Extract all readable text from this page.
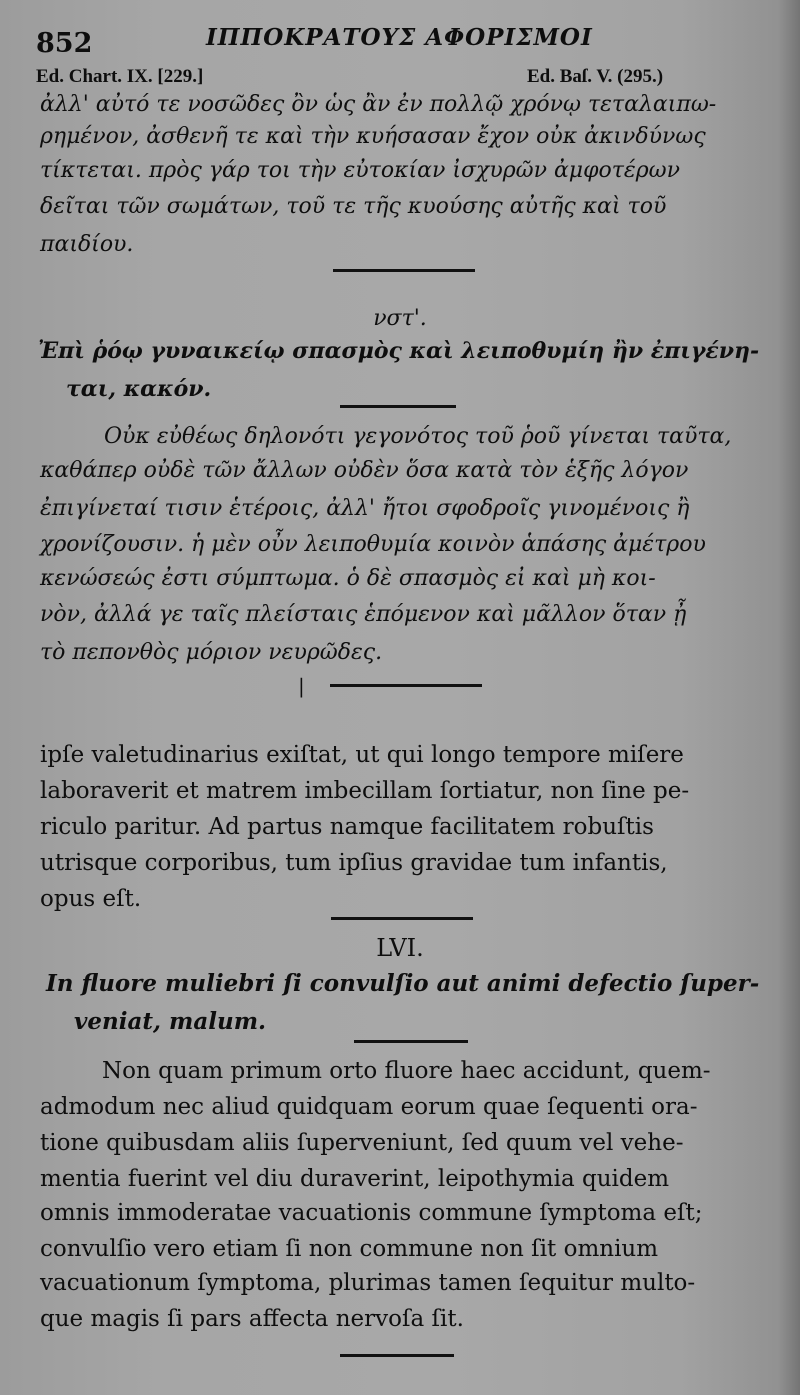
852	ΙΠΠΟΚΡΑΤΟΥΣ ΑΦΟΡΙΣΜΟΙ
Ed. Chart. IX. [229.]	Ed. Baſ. V. (295.)
ἀλλ' αὐτό τε νοσῶδες ὂν ὡς ἂν ἐν πολλῷ χρόνῳ τεταλαιπω-
ρημένον, ἀσθενῆ τε καὶ τὴν κυήσασαν ἔχον οὐκ ἀκινδύνως
τίκτεται. πρὸς γάρ τοι τὴν εὐτοκίαν ἰσχυρῶν ἀμφοτέρων
δεῖται τῶν σωμάτων, τοῦ τε τῆς κυούσης αὐτῆς καὶ τοῦ
παιδίου.
νστ'.
Ἐπὶ ῥόῳ γυναικείῳ σπασμὸς καὶ λειποθυμίη ἢν ἐπιγένη-
ται, κακόν.
Οὐκ εὐθέως δηλονότι γεγονότος τοῦ ῥοῦ γίνεται ταῦτα,
καθάπερ οὐδὲ τῶν ἄλλων οὐδὲν ὅσα κατὰ τὸν ἑξῆς λόγον
ἐπιγίνεταί τισιν ἑτέροις, ἀλλ' ἤτοι σφοδροῖς γινομένοις ἢ
χρονίζουσιν. ἡ μὲν οὖν λειποθυμία κοινὸν ἁπάσης ἀμέτρου
κενώσεώς ἐστι σύμπτωμα. ὁ δὲ σπασμὸς εἰ καὶ μὴ κοι-
νὸν, ἀλλά γε ταῖς πλείσταις ἑπόμενον καὶ μᾶλλον ὅταν ᾖ
τὸ πεπονθὸς μόριον νευρῶδες.
|
ipſe valetudinarius exiſtat, ut qui longo tempore miſere
laboraverit et matrem imbecillam ſortiatur, non ſine pe-
riculo paritur. Ad partus namque facilitatem robuſtis
utrisque corporibus, tum ipſius gravidae tum infantis,
opus eſt.
LVI.
In fluore muliebri ſi convulſio aut animi defectio ſuper-
veniat, malum.
Non quam primum orto fluore haec accidunt, quem-
admodum nec aliud quidquam eorum quae ſequenti ora-
tione quibusdam aliis ſuperveniunt, ſed quum vel vehe-
mentia fuerint vel diu duraverint, leipothymia quidem
omnis immoderatae vacuationis commune ſymptoma eſt;
convulſio vero etiam ſi non commune non ſit omnium
vacuationum ſymptoma, plurimas tamen ſequitur multo-
que magis ſi pars affecta nervoſa ſit.
